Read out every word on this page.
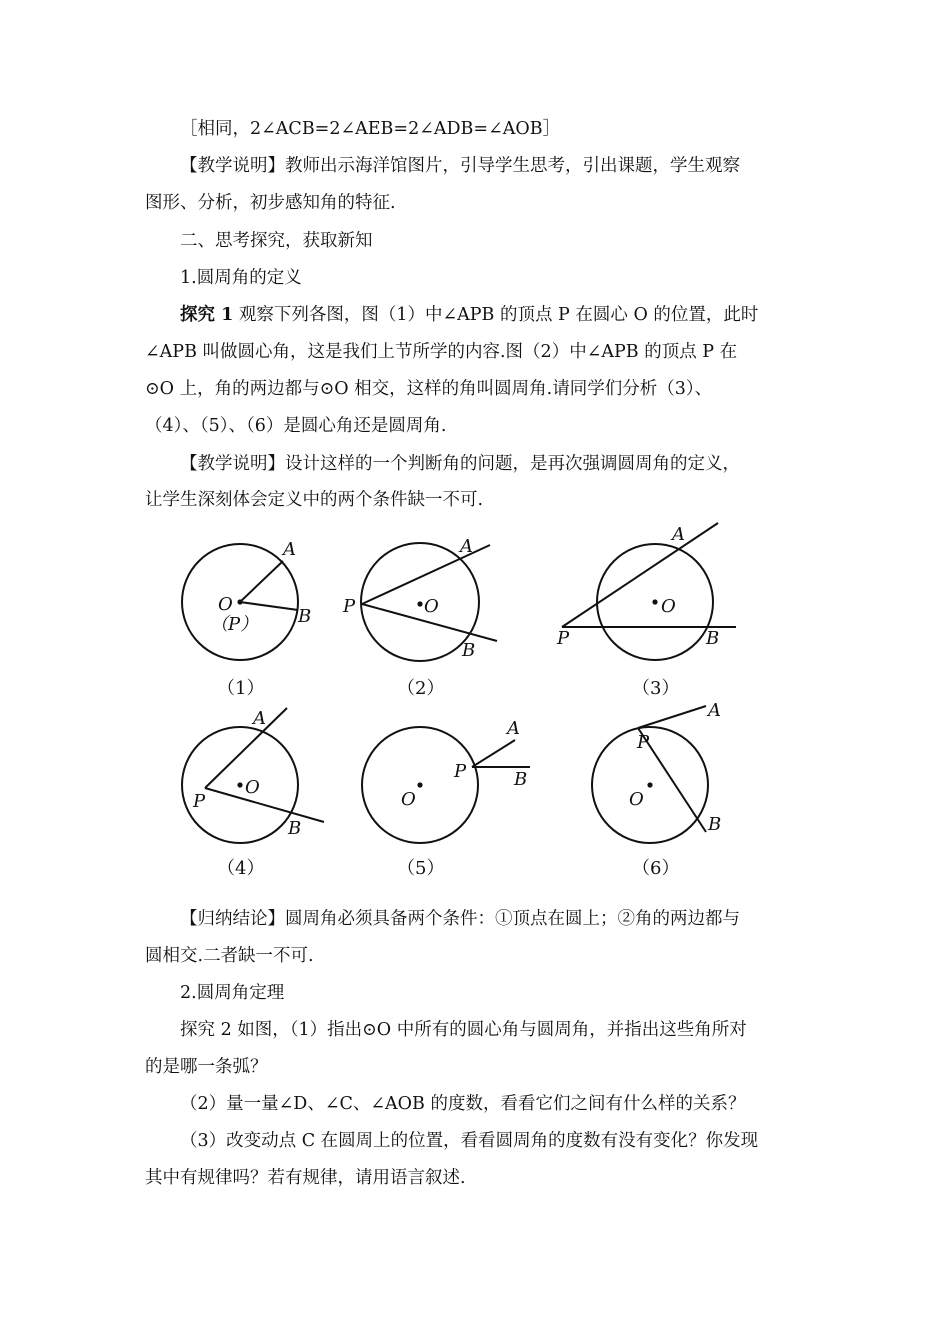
［相同，2∠ACB=2∠AEB=2∠ADB=∠AOB］
【教学说明】教师出示海洋馆图片，引导学生思考，引出课题，学生观察
图形、分析，初步感知角的特征.
二、思考探究，获取新知
1.圆周角的定义
探究 1 观察下列各图，图（1）中∠APB 的顶点 P 在圆心 O 的位置，此时
∠APB 叫做圆心角，这是我们上节所学的内容.图（2）中∠APB 的顶点 P 在
⊙O 上，角的两边都与⊙O 相交，这样的角叫圆周角.请同学们分析（3）、
（4）、（5）、（6）是圆心角还是圆周角.
【教学说明】设计这样的一个判断角的问题，是再次强调圆周角的定义，
让学生深刻体会定义中的两个条件缺一不可.
A
O
B
（P）
（1）
A
P	O
B
（2）
A
O
P	B
（3）
A
O
P
B
（4）
A
P	B
O
（5）
A
P
O
B
（6）
【归纳结论】圆周角必须具备两个条件：①顶点在圆上；②角的两边都与
圆相交.二者缺一不可.
2.圆周角定理
探究 2 如图，（1）指出⊙O 中所有的圆心角与圆周角，并指出这些角所对
的是哪一条弧？
（2）量一量∠D、∠C、∠AOB 的度数，看看它们之间有什么样的关系？
（3）改变动点 C 在圆周上的位置，看看圆周角的度数有没有变化？你发现
其中有规律吗？若有规律，请用语言叙述.
